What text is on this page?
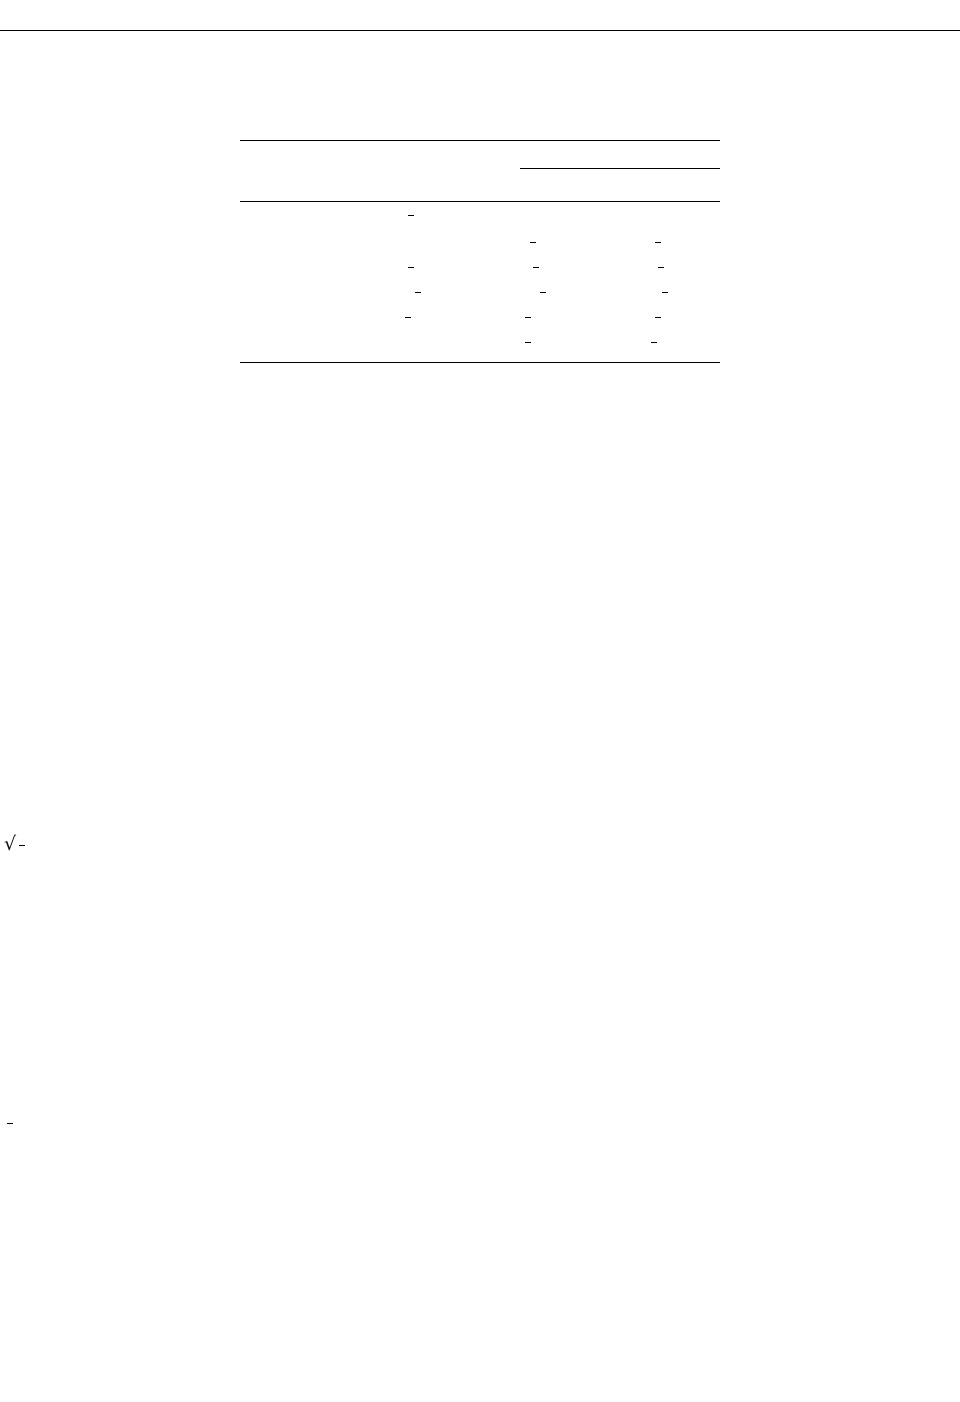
√
